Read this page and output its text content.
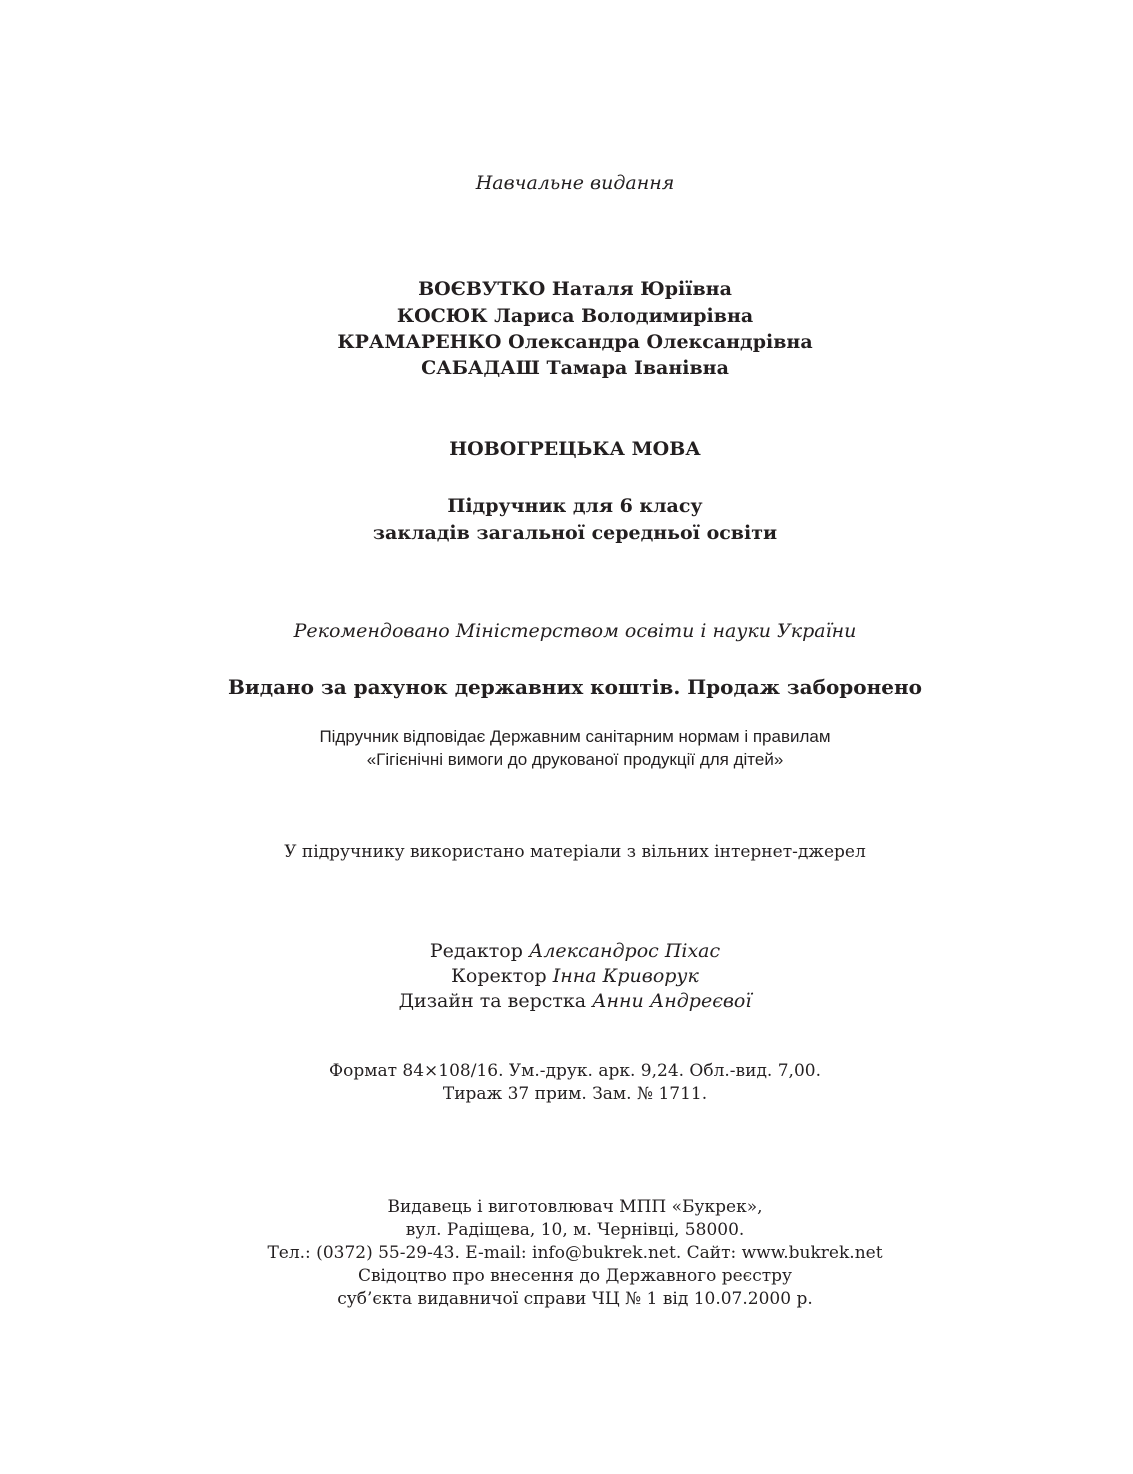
Навчальне видання

ВОЄВУТКО Наталя Юріївна

КОСЮК Лариса Володимирівна

КРАМАРЕНКО Олександра Олександрівна

САБАДАШ Тамара Іванівна

НОВОГРЕЦЬКА МОВА

Підручник для 6 класу

закладів загальної середньої освіти

Рекомендовано Міністерством освіти і науки України

Видано за рахунок державних коштів. Продаж заборонено

Підручник відповідає Державним санітарним нормам і правилам

«Гігієнічні вимоги до друкованої продукції для дітей»

У підручнику використано матеріали з вільних інтернет-джерел

Редактор Александрос Піхас

Коректор Інна Криворук

Дизайн та верстка Анни Андреєвої

Формат 84×108/16. Ум.-друк. арк. 9,24. Обл.-вид. 7,00.

Тираж 37 прим. Зам. № 1711.

Видавець і виготовлювач МПП «Букрек»,

вул. Радіщева, 10, м. Чернівці, 58000.

Тел.: (0372) 55-29-43. E-mail: info@bukrek.net. Сайт: www.bukrek.net

Свідоцтво про внесення до Державного реєстру

суб’єкта видавничої справи ЧЦ № 1 від 10.07.2000 р.
